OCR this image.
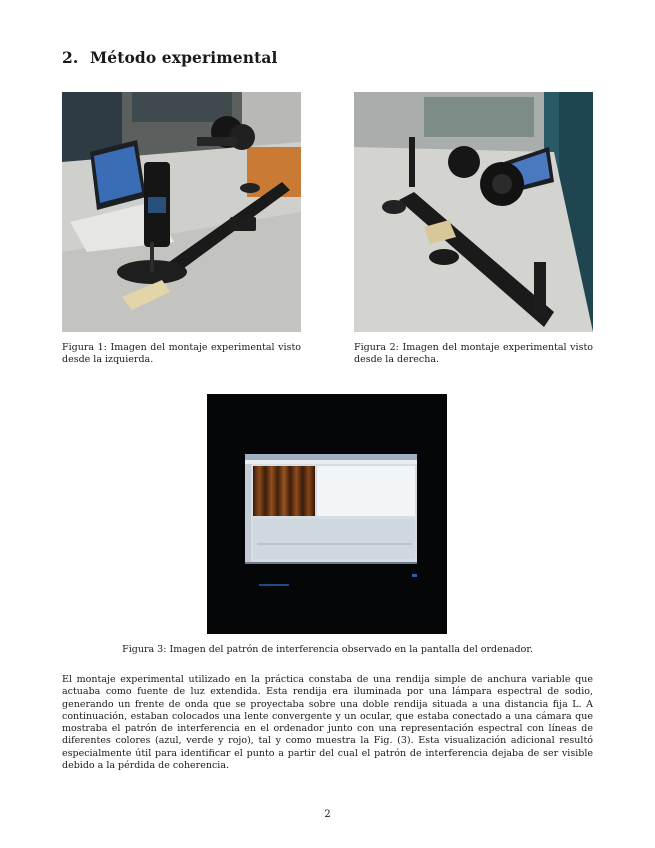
2. Método experimental

Figura 1: Imagen del montaje experimental visto desde la izquierda.

Figura 2: Imagen del montaje experimental visto desde la derecha.

Figura 3: Imagen del patrón de interferencia observado en la pantalla del ordenador.

El montaje experimental utilizado en la práctica constaba de una rendija simple de anchura variable que actuaba como fuente de luz extendida. Esta rendija era iluminada por una lámpara espectral de sodio, generando un frente de onda que se proyectaba sobre una doble rendija situada a una distancia fija L. A continuación, estaban colocados una lente convergente y un ocular, que estaba conectado a una cámara que mostraba el patrón de interferencia en el ordenador junto con una representación espectral con líneas de diferentes colores (azul, verde y rojo), tal y como muestra la Fig. (3). Esta visualización adicional resultó especialmente útil para identificar el punto a partir del cual el patrón de interferencia dejaba de ser visible debido a la pérdida de coherencia.

2
